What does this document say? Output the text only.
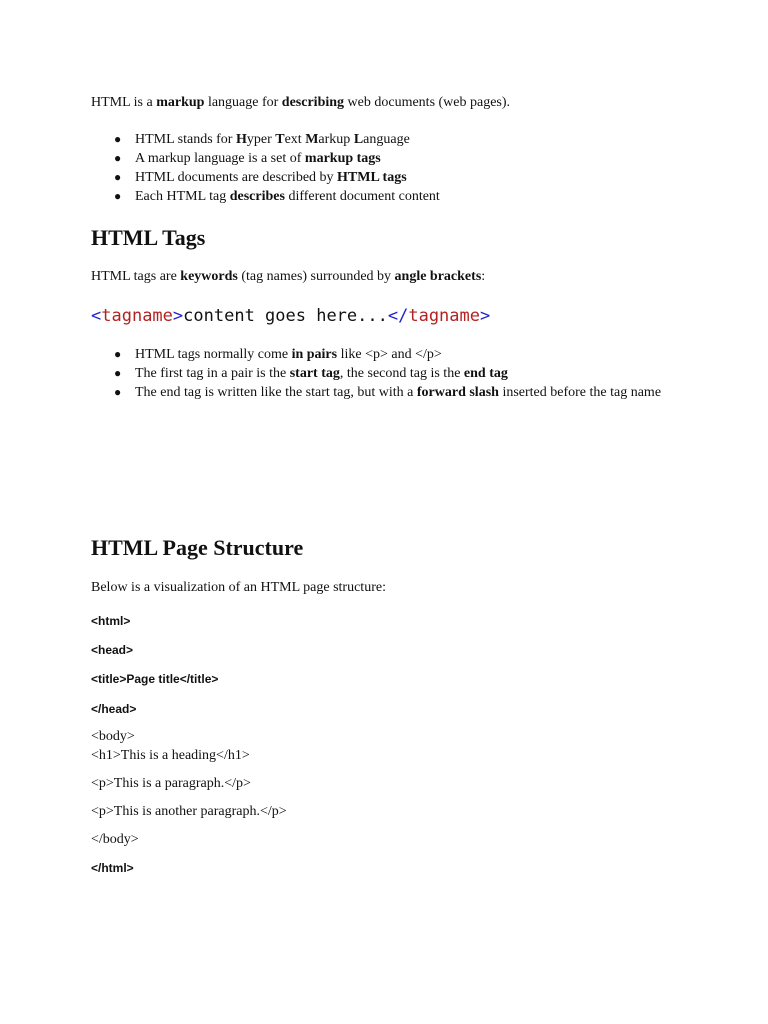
HTML is a markup language for describing web documents (web pages).

● HTML stands for Hyper Text Markup Language
● A markup language is a set of markup tags
● HTML documents are described by HTML tags
● Each HTML tag describes different document content
HTML Tags

HTML tags are keywords (tag names) surrounded by angle brackets:

<tagname>content goes here...</tagname>
● HTML tags normally come in pairs like <p> and </p>
● The first tag in a pair is the start tag, the second tag is the end tag
● The end tag is written like the start tag, but with a forward slash inserted before the tag name
HTML Page Structure

Below is a visualization of an HTML page structure:

<html>

<head>

<title>Page title</title>

</head>

<body>

<h1>This is a heading</h1>

<p>This is a paragraph.</p>

<p>This is another paragraph.</p>

</body>

</html>
